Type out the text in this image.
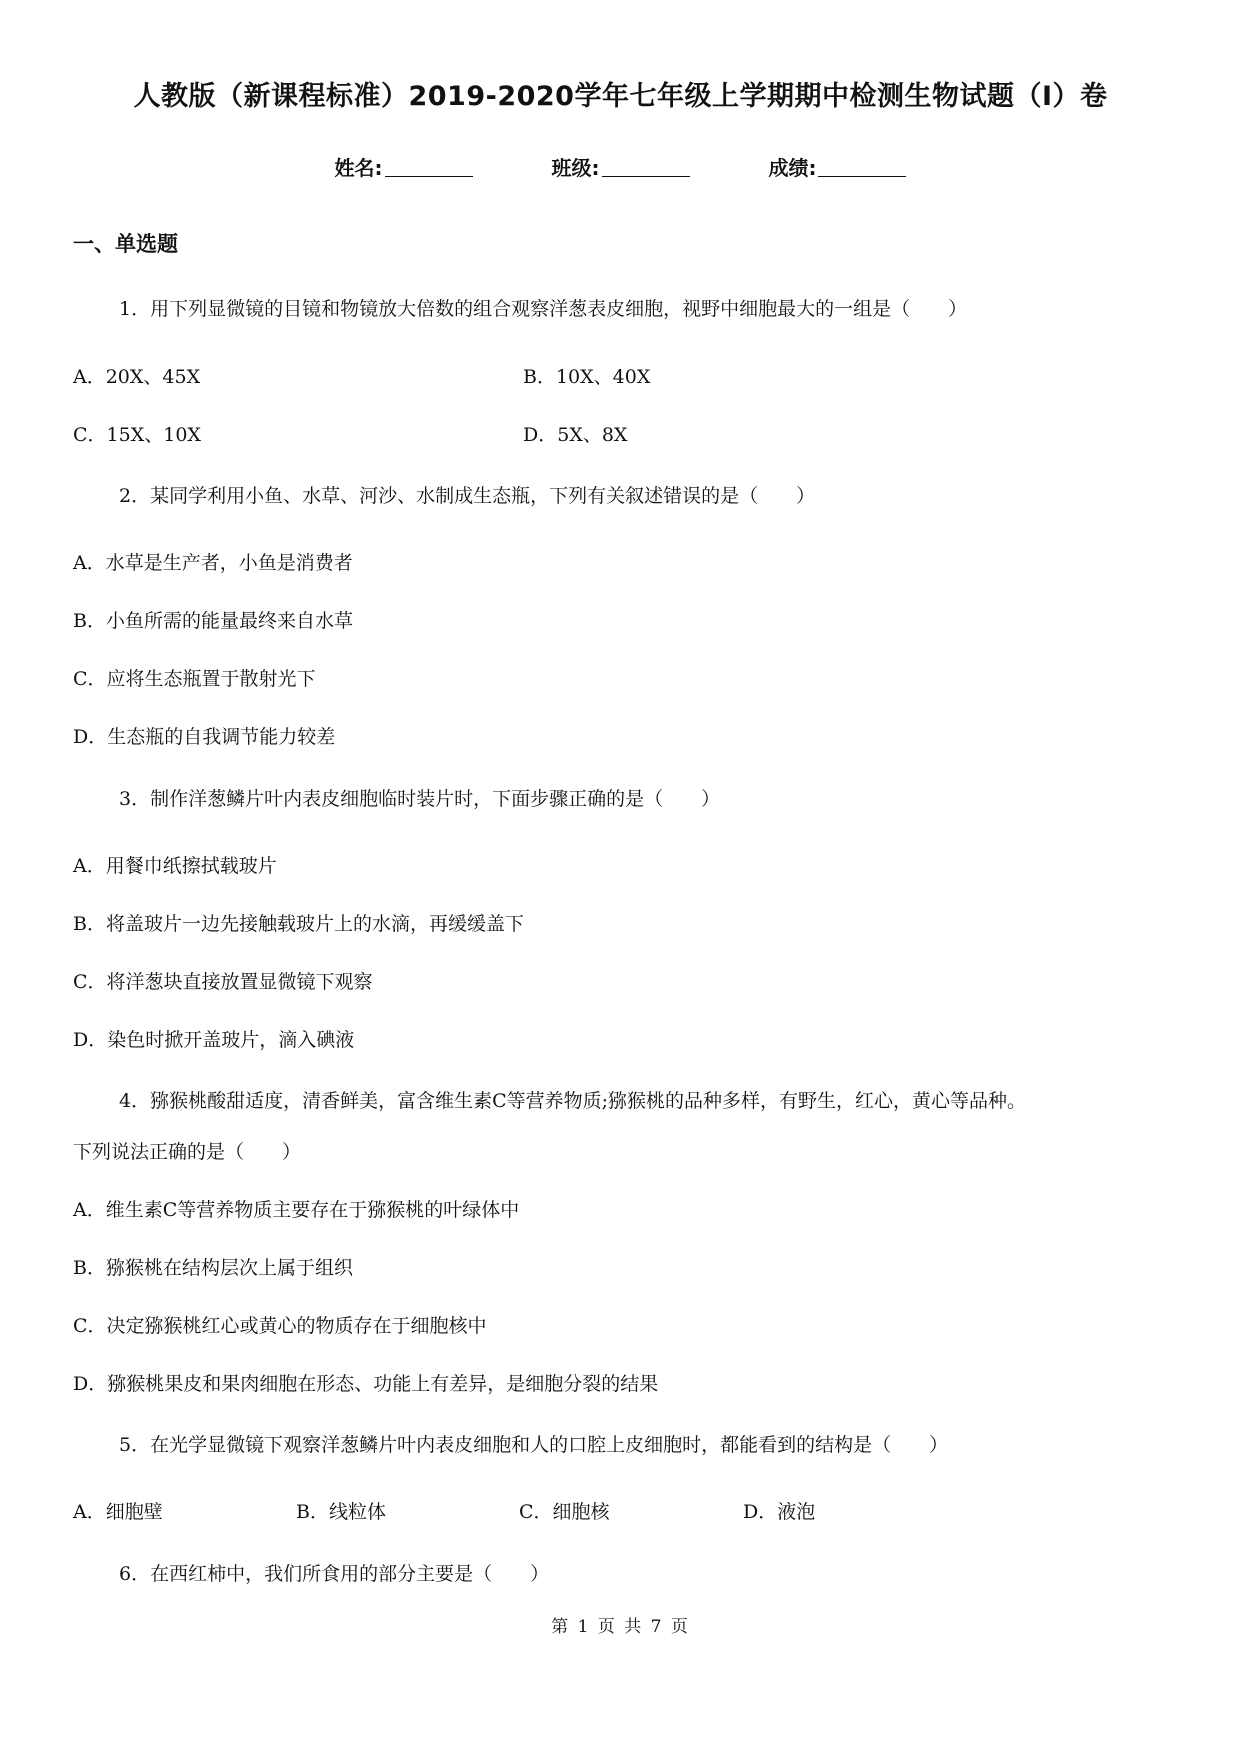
人教版（新课程标准）2019-2020学年七年级上学期期中检测生物试题（I）卷
姓名:	班级:	成绩:
一、单选题
1．用下列显微镜的目镜和物镜放大倍数的组合观察洋葱表皮细胞，视野中细胞最大的一组是（　　）
A．20X、45X	B．10X、40X
C．15X、10X	D．5X、8X
2．某同学利用小鱼、水草、河沙、水制成生态瓶，下列有关叙述错误的是（　　）
A．水草是生产者，小鱼是消费者
B．小鱼所需的能量最终来自水草
C．应将生态瓶置于散射光下
D．生态瓶的自我调节能力较差
3．制作洋葱鳞片叶内表皮细胞临时装片时，下面步骤正确的是（　　）
A．用餐巾纸擦拭载玻片
B．将盖玻片一边先接触载玻片上的水滴，再缓缓盖下
C．将洋葱块直接放置显微镜下观察
D．染色时掀开盖玻片，滴入碘液
4．猕猴桃酸甜适度，清香鲜美，富含维生素C等营养物质;猕猴桃的品种多样，有野生，红心，黄心等品种。
下列说法正确的是（　　）
A．维生素C等营养物质主要存在于猕猴桃的叶绿体中
B．猕猴桃在结构层次上属于组织
C．决定猕猴桃红心或黄心的物质存在于细胞核中
D．猕猴桃果皮和果肉细胞在形态、功能上有差异，是细胞分裂的结果
5．在光学显微镜下观察洋葱鳞片叶内表皮细胞和人的口腔上皮细胞时，都能看到的结构是（　　）
A．细胞壁	B．线粒体	C．细胞核	D．液泡
6．在西红柿中，我们所食用的部分主要是（　　）
第 1 页 共 7 页
